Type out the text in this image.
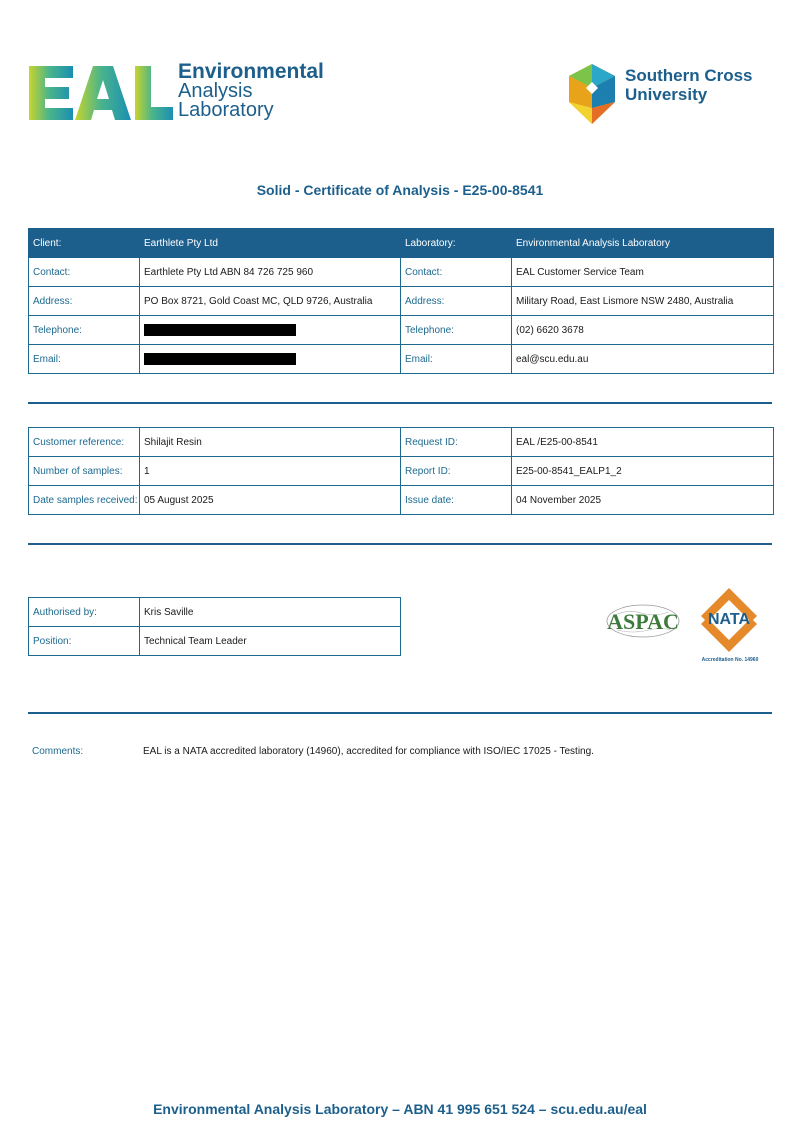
Environmental
Analysis
Laboratory
Southern Cross
University
Solid - Certificate of Analysis - E25-00-8541
Client:	Earthlete Pty Ltd	Laboratory:	Environmental Analysis Laboratory
Contact:	Earthlete Pty Ltd ABN 84 726 725 960	Contact:	EAL Customer Service Team
Address:	PO Box 8721, Gold Coast MC, QLD 9726, Australia	Address:	Military Road, East Lismore NSW 2480, Australia
Telephone:		Telephone:	(02) 6620 3678
Email:		Email:	eal@scu.edu.au
Customer reference:	Shilajit Resin	Request ID:	EAL /E25-00-8541
Number of samples:	1	Report ID:	E25-00-8541_EALP1_2
Date samples received:	05 August 2025	Issue date:	04 November 2025
Authorised by:	Kris Saville
Position:	Technical Team Leader
ASPAC NATA
Accreditation No. 14960
Comments:	EAL is a NATA accredited laboratory (14960), accredited for compliance with ISO/IEC 17025 - Testing.
Environmental Analysis Laboratory – ABN 41 995 651 524 – scu.edu.au/eal
